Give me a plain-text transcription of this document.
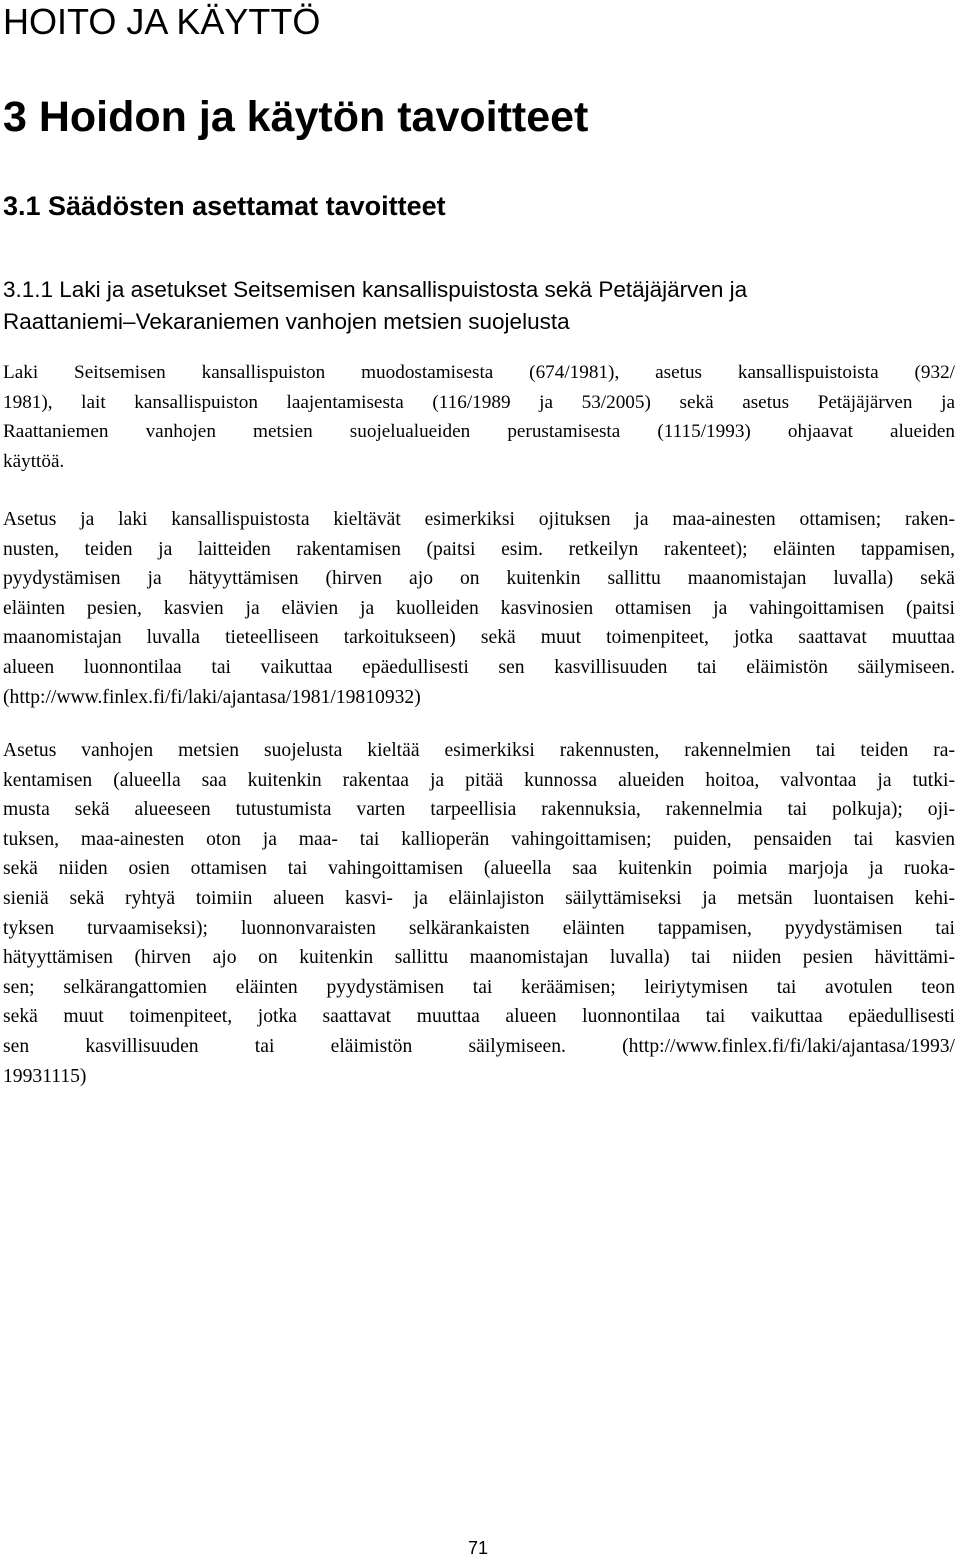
HOITO JA KÄYTTÖ
3 Hoidon ja käytön tavoitteet
3.1 Säädösten asettamat tavoitteet
3.1.1 Laki ja asetukset Seitsemisen kansallispuistosta sekä Petäjäjärven ja
Raattaniemi–Vekaraniemen vanhojen metsien suojelusta
Laki Seitsemisen kansallispuiston muodostamisesta (674/1981), asetus kansallispuistoista (932/
1981), lait kansallispuiston laajentamisesta (116/1989 ja 53/2005) sekä asetus Petäjäjärven ja
Raattaniemen vanhojen metsien suojelualueiden perustamisesta (1115/1993) ohjaavat alueiden
käyttöä.
Asetus ja laki kansallispuistosta kieltävät esimerkiksi ojituksen ja maa-ainesten ottamisen; raken-
nusten, teiden ja laitteiden rakentamisen (paitsi esim. retkeilyn rakenteet); eläinten tappamisen,
pyydystämisen ja hätyyttämisen (hirven ajo on kuitenkin sallittu maanomistajan luvalla) sekä
eläinten pesien, kasvien ja elävien ja kuolleiden kasvinosien ottamisen ja vahingoittamisen (paitsi
maanomistajan luvalla tieteelliseen tarkoitukseen) sekä muut toimenpiteet, jotka saattavat muuttaa
alueen luonnontilaa tai vaikuttaa epäedullisesti sen kasvillisuuden tai eläimistön säilymiseen.
(http://www.finlex.fi/fi/laki/ajantasa/1981/19810932)
Asetus vanhojen metsien suojelusta kieltää esimerkiksi rakennusten, rakennelmien tai teiden ra-
kentamisen (alueella saa kuitenkin rakentaa ja pitää kunnossa alueiden hoitoa, valvontaa ja tutki-
musta sekä alueeseen tutustumista varten tarpeellisia rakennuksia, rakennelmia tai polkuja); oji-
tuksen, maa-ainesten oton ja maa- tai kallioperän vahingoittamisen; puiden, pensaiden tai kasvien
sekä niiden osien ottamisen tai vahingoittamisen (alueella saa kuitenkin poimia marjoja ja ruoka-
sieniä sekä ryhtyä toimiin alueen kasvi- ja eläinlajiston säilyttämiseksi ja metsän luontaisen kehi-
tyksen turvaamiseksi); luonnonvaraisten selkärankaisten eläinten tappamisen, pyydystämisen tai
hätyyttämisen (hirven ajo on kuitenkin sallittu maanomistajan luvalla) tai niiden pesien hävittämi-
sen; selkärangattomien eläinten pyydystämisen tai keräämisen; leiriytymisen tai avotulen teon
sekä muut toimenpiteet, jotka saattavat muuttaa alueen luonnontilaa tai vaikuttaa epäedullisesti
sen kasvillisuuden tai eläimistön säilymiseen. (http://www.finlex.fi/fi/laki/ajantasa/1993/
19931115)
71
